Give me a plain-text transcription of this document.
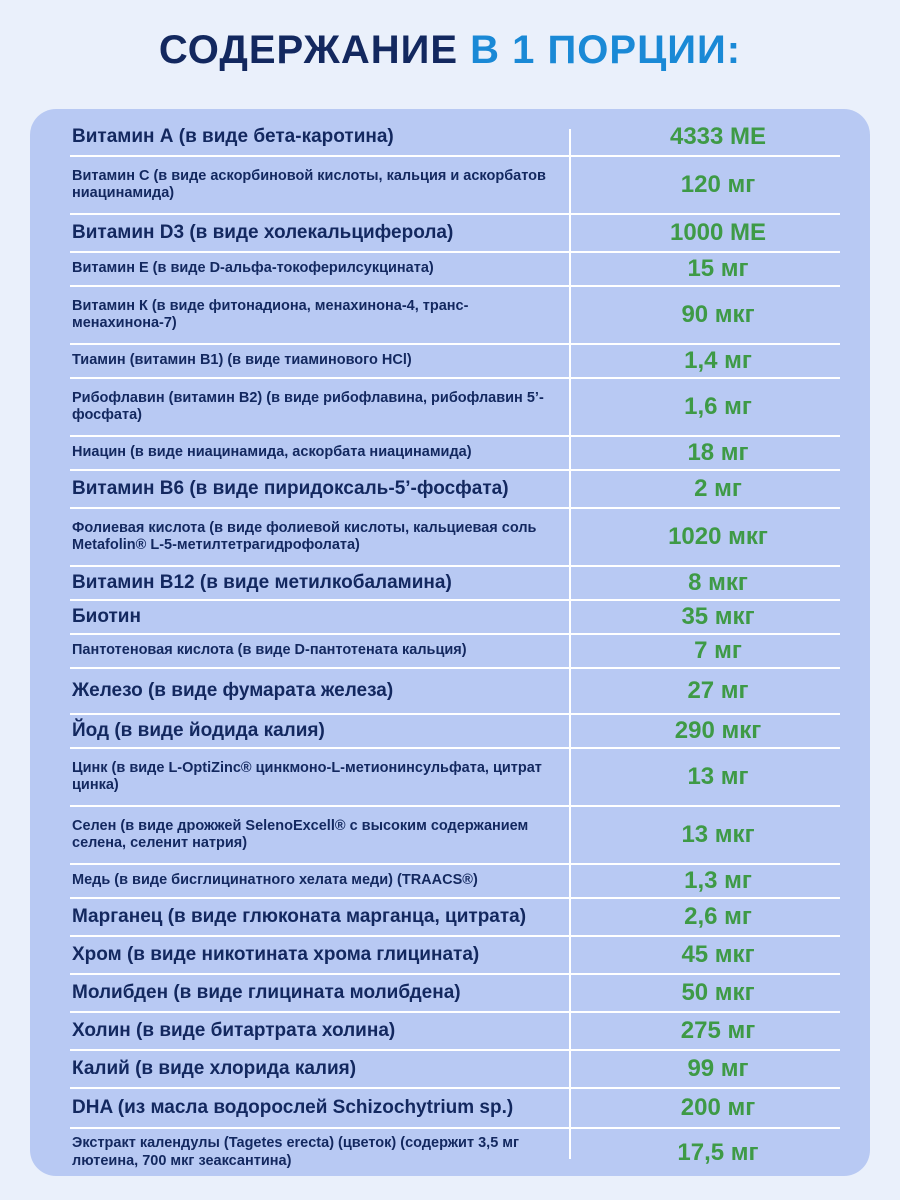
СОДЕРЖАНИЕ В 1 ПОРЦИИ:
Витамин А (в виде бета-каротина)	4333 МЕ
Витамин С (в виде аскорбиновой кислоты, кальция и аскорбатов ниацинамида)	120 мг
Витамин D3 (в виде холекальциферола)	1000 МЕ
Витамин Е (в виде D-альфа-токоферилсукцината)	15 мг
Витамин К (в виде фитонадиона, менахинона-4, транс-менахинона-7)	90 мкг
Тиамин (витамин В1) (в виде тиаминового HCl)	1,4 мг
Рибофлавин (витамин В2) (в виде рибофлавина, рибофлавин 5’-фосфата)	1,6 мг
Ниацин (в виде ниацинамида, аскорбата ниацинамида)	18 мг
Витамин В6 (в виде пиридоксаль-5’-фосфата)	2 мг
Фолиевая кислота (в виде фолиевой кислоты, кальциевая соль Metafolin® L-5-метилтетрагидрофолата)	1020 мкг
Витамин В12 (в виде метилкобаламина)	8 мкг
Биотин	35 мкг
Пантотеновая кислота (в виде D-пантотената кальция)	7 мг
Железо (в виде фумарата железа)	27 мг
Йод (в виде йодида калия)	290 мкг
Цинк (в виде L-OptiZinc® цинкмоно-L-метионинсульфата, цитрат цинка)	13 мг
Селен (в виде дрожжей SelenoExcell® с высоким содержанием селена, селенит натрия)	13 мкг
Медь (в виде бисглицинатного хелата меди) (TRAACS®)	1,3 мг
Марганец (в виде глюконата марганца, цитрата)	2,6 мг
Хром (в виде никотината хрома глицината)	45 мкг
Молибден (в виде глицината молибдена)	50 мкг
Холин (в виде битартрата холина)	275 мг
Калий (в виде хлорида калия)	99 мг
DHA (из масла водорослей Schizochytrium sp.)	200 мг
Экстракт календулы (Tagetes erecta) (цветок) (содержит 3,5 мг лютеина, 700 мкг зеаксантина)	17,5 мг
